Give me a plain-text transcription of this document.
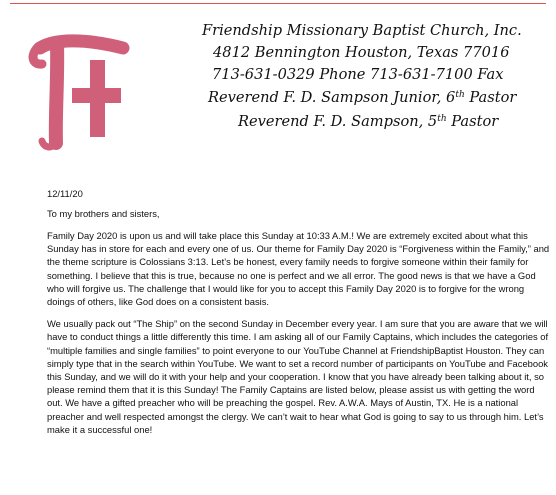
Friendship Missionary Baptist Church, Inc.
4812 Bennington Houston, Texas 77016
713-631-0329 Phone 713-631-7100 Fax
Reverend F. D. Sampson Junior, 6th Pastor
Reverend F. D. Sampson, 5th Pastor

12/11/20

To my brothers and sisters,

Family Day 2020 is upon us and will take place this Sunday at 10:33 A.M.! We are extremely excited about what this Sunday has in store for each and every one of us. Our theme for Family Day 2020 is “Forgiveness within the Family,” and the theme scripture is Colossians 3:13. Let’s be honest, every family needs to forgive someone within their family for something. I believe that this is true, because no one is perfect and we all error. The good news is that we have a God who will forgive us. The challenge that I would like for you to accept this Family Day 2020 is to forgive for the wrong doings of others, like God does on a consistent basis.

We usually pack out “The Ship” on the second Sunday in December every year. I am sure that you are aware that we will have to conduct things a little differently this time. I am asking all of our Family Captains, which includes the categories of “multiple families and single families” to point everyone to our YouTube Channel at FriendshipBaptist Houston. They can simply type that in the search within YouTube. We want to set a record number of participants on YouTube and Facebook this Sunday, and we will do it with your help and your cooperation. I know that you have already been talking about it, so please remind them that it is this Sunday! The Family Captains are listed below, please assist us with getting the word out. We have a gifted preacher who will be preaching the gospel. Rev. A.W.A. Mays of Austin, TX. He is a national preacher and well respected amongst the clergy. We can’t wait to hear what God is going to say to us through him. Let’s make it a successful one!
